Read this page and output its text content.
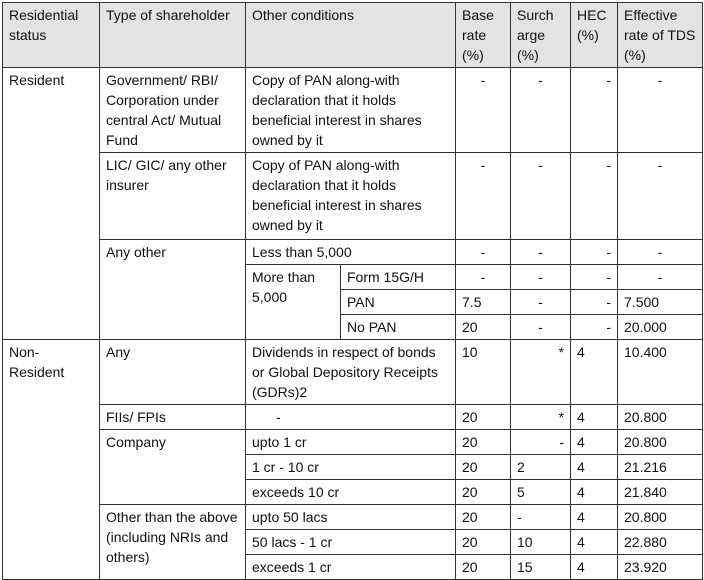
Residential status	Type of shareholder	Other conditions		Base rate (%)	Surch arge (%)	HEC (%)	Effective rate of TDS (%)
Resident	Government/ RBI/ Corporation under central Act/ Mutual Fund	Copy of PAN along-with declaration that it holds beneficial interest in shares owned by it		-	-	-	-
	LIC/ GIC/ any other insurer	Copy of PAN along-with declaration that it holds beneficial interest in shares owned by it		-	-	-	-
	Any other	Less than 5,000		-	-	-	-
		More than 5,000	Form 15G/H	-	-	-	-
			PAN	7.5	-	-	7.500
			No PAN	20	-	-	20.000
Non-Resident	Any	Dividends in respect of bonds or Global Depository Receipts (GDRs)2		10	*	4	10.400
	FIIs/ FPIs	-		20	*	4	20.800
	Company	upto 1 cr		20	-	4	20.800
		1 cr - 10 cr		20	2	4	21.216
		exceeds 10 cr		20	5	4	21.840
	Other than the above (including NRIs and others)	upto 50 lacs		20	-	4	20.800
		50 lacs - 1 cr		20	10	4	22.880
		exceeds 1 cr		20	15	4	23.920
